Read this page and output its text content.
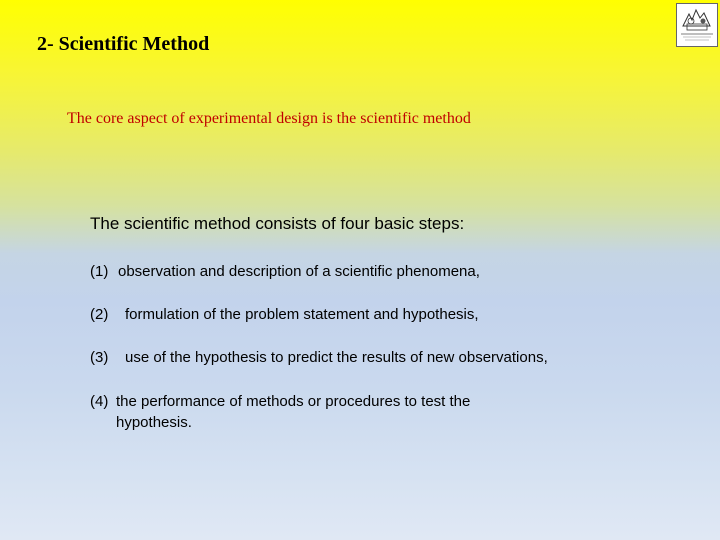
2- Scientific Method
The core aspect of experimental design is the scientific method
The scientific method consists of four basic steps:
(1) observation and description of a scientific phenomena,
(2) formulation of the problem statement and hypothesis,
(3) use of the hypothesis to predict the results of new observations,
(4) the performance of methods or procedures to test the hypothesis.
